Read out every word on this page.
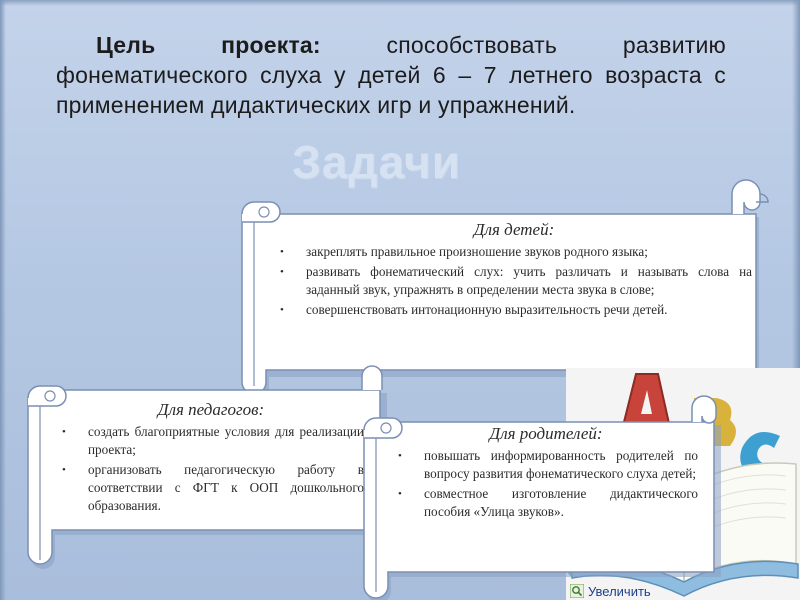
Цель проекта: способствовать развитию фонематического слуха у детей 6 – 7 летнего возраста с применением дидактических игр и упражнений.

Задачи
Для детей:
• закреплять правильное произношение звуков родного языка;
• развивать фонематический слух: учить различать и называть слова на заданный звук, упражнять в определении места звука в слове;
• совершенствовать интонационную выразительность речи детей.
Для педагогов:
• создать благоприятные условия для реализации проекта;
• организовать педагогическую работу в соответствии с ФГТ к ООП дошкольного образования.
Для родителей:
• повышать информированность родителей по вопросу развития фонематического слуха детей;
• совместное изготовление дидактического пособия «Улица звуков».
Увеличить
